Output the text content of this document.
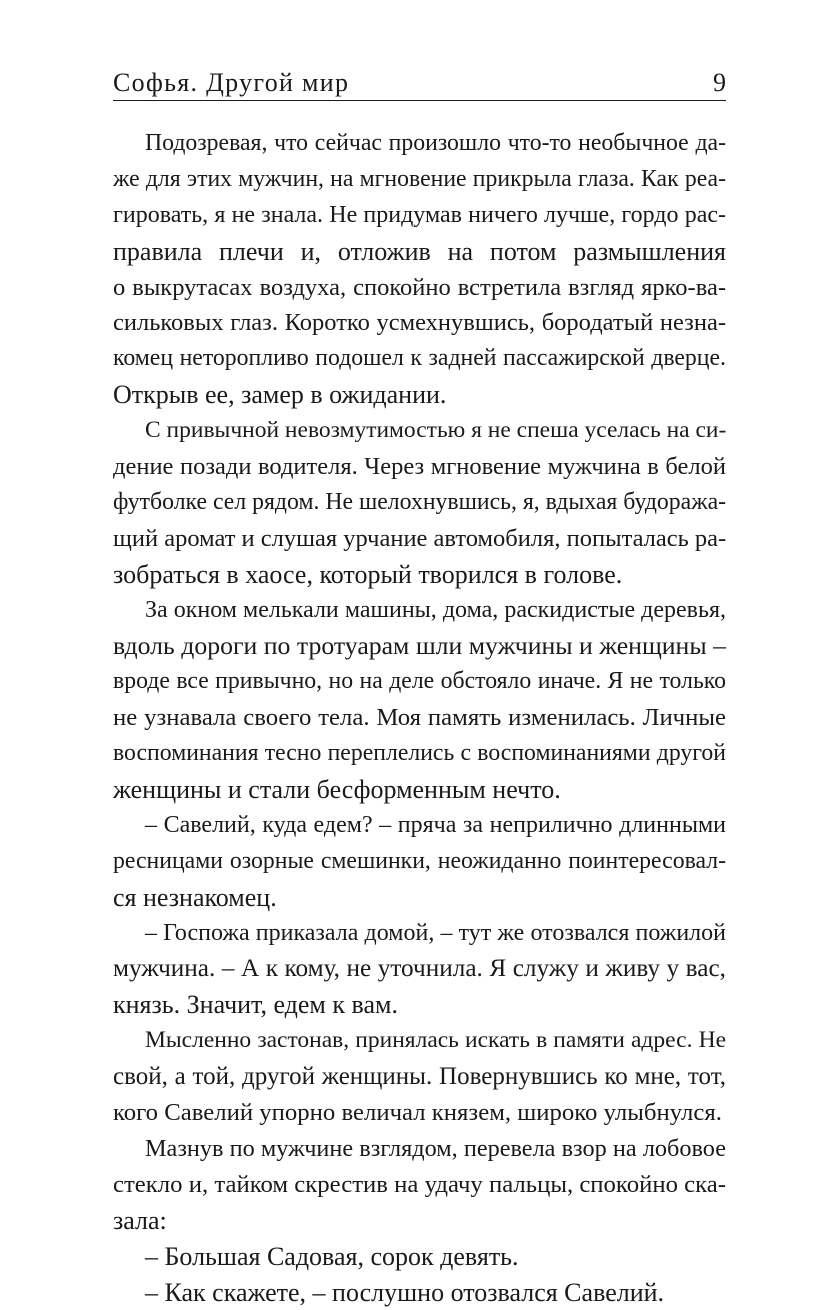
Софья. Другой мир	9
Подозревая, что сейчас произошло что-то необычное да-
же для этих мужчин, на мгновение прикрыла глаза. Как реа-
гировать, я не знала. Не придумав ничего лучше, гордо рас-
правила плечи и, отложив на потом размышления
о выкрутасах воздуха, спокойно встретила взгляд ярко-ва-
сильковых глаз. Коротко усмехнувшись, бородатый незна-
комец неторопливо подошел к задней пассажирской дверце.
Открыв ее, замер в ожидании.
С привычной невозмутимостью я не спеша уселась на си-
дение позади водителя. Через мгновение мужчина в белой
футболке сел рядом. Не шелохнувшись, я, вдыхая будоража-
щий аромат и слушая урчание автомобиля, попыталась ра-
зобраться в хаосе, который творился в голове.
За окном мелькали машины, дома, раскидистые деревья,
вдоль дороги по тротуарам шли мужчины и женщины –
вроде все привычно, но на деле обстояло иначе. Я не только
не узнавала своего тела. Моя память изменилась. Личные
воспоминания тесно переплелись с воспоминаниями другой
женщины и стали бесформенным нечто.
– Савелий, куда едем? – пряча за неприлично длинными
ресницами озорные смешинки, неожиданно поинтересовал-
ся незнакомец.
– Госпожа приказала домой, – тут же отозвался пожилой
мужчина. – А к кому, не уточнила. Я служу и живу у вас,
князь. Значит, едем к вам.
Мысленно застонав, принялась искать в памяти адрес. Не
свой, а той, другой женщины. Повернувшись ко мне, тот,
кого Савелий упорно величал князем, широко улыбнулся.
Мазнув по мужчине взглядом, перевела взор на лобовое
стекло и, тайком скрестив на удачу пальцы, спокойно ска-
зала:
– Большая Садовая, сорок девять.
– Как скажете, – послушно отозвался Савелий.
